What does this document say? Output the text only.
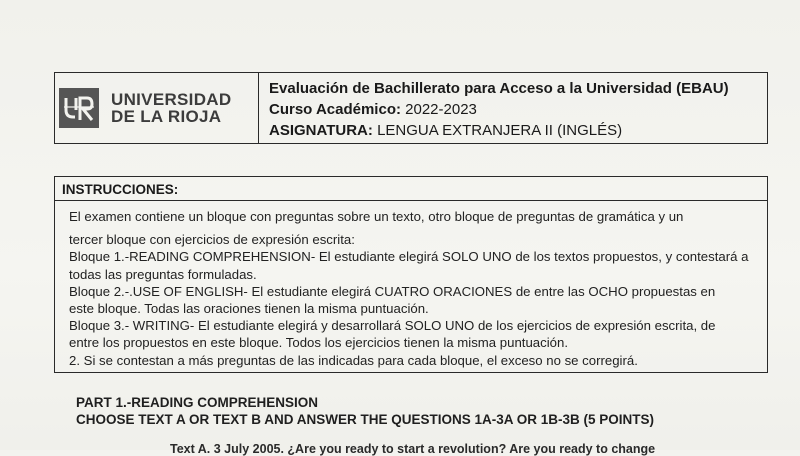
UNIVERSIDAD
DE LA RIOJA
Evaluación de Bachillerato para Acceso a la Universidad (EBAU)
Curso Académico: 2022-2023
ASIGNATURA: LENGUA EXTRANJERA II (INGLÉS)
INSTRUCCIONES:

El examen contiene un bloque con preguntas sobre un texto, otro bloque de preguntas de gramática y un

tercer bloque con ejercicios de expresión escrita:

Bloque 1.-READING COMPREHENSION- El estudiante elegirá SOLO UNO de los textos propuestos, y contestará a

todas las preguntas formuladas.

Bloque 2.-.USE OF ENGLISH- El estudiante elegirá CUATRO ORACIONES de entre las OCHO propuestas en

este bloque. Todas las oraciones tienen la misma puntuación.

Bloque 3.- WRITING- El estudiante elegirá y desarrollará SOLO UNO de los ejercicios de expresión escrita, de

entre los propuestos en este bloque. Todos los ejercicios tienen la misma puntuación.

2. Si se contestan a más preguntas de las indicadas para cada bloque, el exceso no se corregirá.

PART 1.-READING COMPREHENSION
CHOOSE TEXT A OR TEXT B AND ANSWER THE QUESTIONS 1A-3A OR 1B-3B (5 POINTS)
Text A. 3 July 2005. ¿Are you ready to start a revolution? Are you ready to change
